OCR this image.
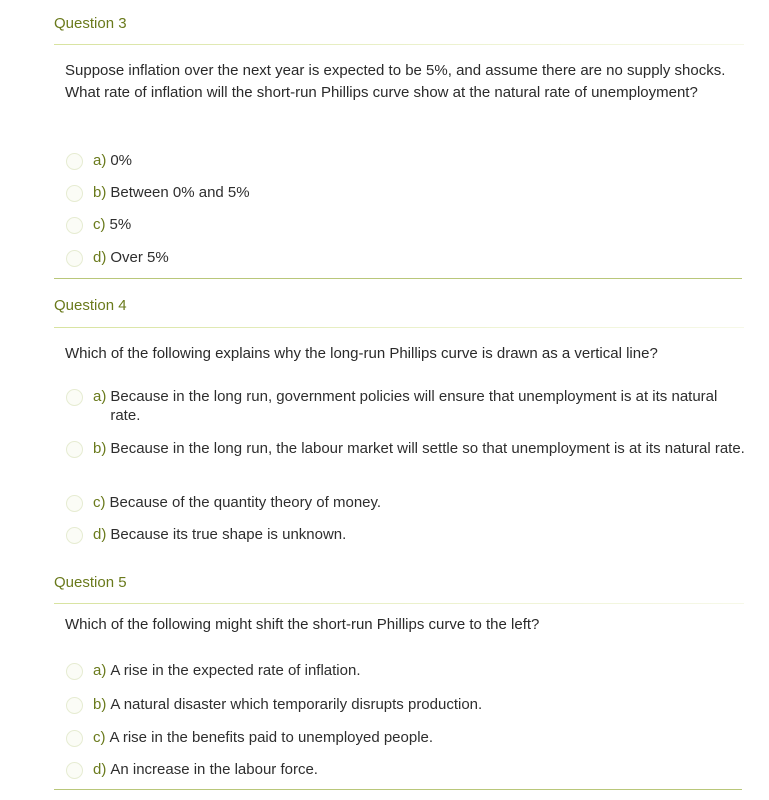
Question 3

Suppose inflation over the next year is expected to be 5%, and assume there are no supply shocks. What rate of inflation will the short-run Phillips curve show at the natural rate of unemployment?

a) 0%
b) Between 0% and 5%
c) 5%
d) Over 5%
Question 4

Which of the following explains why the long-run Phillips curve is drawn as a vertical line?

a) Because in the long run, government policies will ensure that unemployment is at its natural rate.
b) Because in the long run, the labour market will settle so that unemployment is at its natural rate.
c) Because of the quantity theory of money.
d) Because its true shape is unknown.
Question 5

Which of the following might shift the short-run Phillips curve to the left?

a) A rise in the expected rate of inflation.
b) A natural disaster which temporarily disrupts production.
c) A rise in the benefits paid to unemployed people.
d) An increase in the labour force.
